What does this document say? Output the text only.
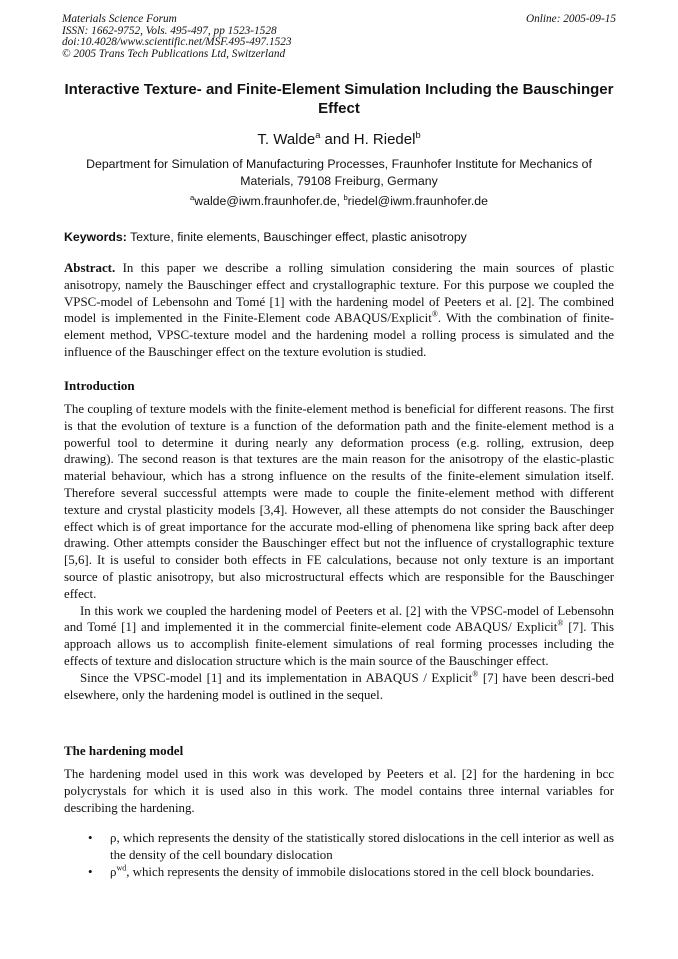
Materials Science Forum
ISSN: 1662-9752, Vols. 495-497, pp 1523-1528
doi:10.4028/www.scientific.net/MSF.495-497.1523
© 2005 Trans Tech Publications Ltd, Switzerland
Online: 2005-09-15
Interactive Texture- and Finite-Element Simulation Including the Bauschinger Effect
T. Walde$^a$ and H. Riedel$^b$
Department for Simulation of Manufacturing Processes, Fraunhofer Institute for Mechanics of Materials, 79108 Freiburg, Germany
$^a$walde@iwm.fraunhofer.de, $^b$riedel@iwm.fraunhofer.de
Keywords: Texture, finite elements, Bauschinger effect, plastic anisotropy

Abstract. In this paper we describe a rolling simulation considering the main sources of plastic anisotropy, namely the Bauschinger effect and crystallographic texture. For this purpose we coupled the VPSC-model of Lebensohn and Tomé [1] with the hardening model of Peeters et al. [2]. The combined model is implemented in the Finite-Element code ABAQUS/Explicit®. With the combination of finite-element method, VPSC-texture model and the hardening model a rolling process is simulated and the influence of the Bauschinger effect on the texture evolution is studied.

Introduction

The coupling of texture models with the finite-element method is beneficial for different reasons. The first is that the evolution of texture is a function of the deformation path and the finite-element method is a powerful tool to determine it during nearly any deformation process (e.g. rolling, extrusion, deep drawing). The second reason is that textures are the main reason for the anisotropy of the elastic-plastic material behaviour, which has a strong influence on the results of the finite-element simulation itself. Therefore several successful attempts were made to couple the finite-element method with different texture and crystal plasticity models [3,4]. However, all these attempts do not consider the Bauschinger effect which is of great importance for the accurate mod-elling of phenomena like spring back after deep drawing. Other attempts consider the Bauschinger effect but not the influence of crystallographic texture [5,6]. It is useful to consider both effects in FE calculations, because not only texture is an important source of plastic anisotropy, but also microstructural effects which are responsible for the Bauschinger effect.

In this work we coupled the hardening model of Peeters et al. [2] with the VPSC-model of Lebensohn and Tomé [1] and implemented it in the commercial finite-element code ABAQUS/ Explicit® [7]. This approach allows us to accomplish finite-element simulations of real forming processes including the effects of texture and dislocation structure which is the main source of the Bauschinger effect.

Since the VPSC-model [1] and its implementation in ABAQUS / Explicit® [7] have been descri-bed elsewhere, only the hardening model is outlined in the sequel.

The hardening model

The hardening model used in this work was developed by Peeters et al. [2] for the hardening in bcc polycrystals for which it is used also in this work. The model contains three internal variables for describing the hardening.

• ρ, which represents the density of the statistically stored dislocations in the cell interior as well as the density of the cell boundary dislocation
• $\rho^{wd}$, which represents the density of immobile dislocations stored in the cell block boundaries.
